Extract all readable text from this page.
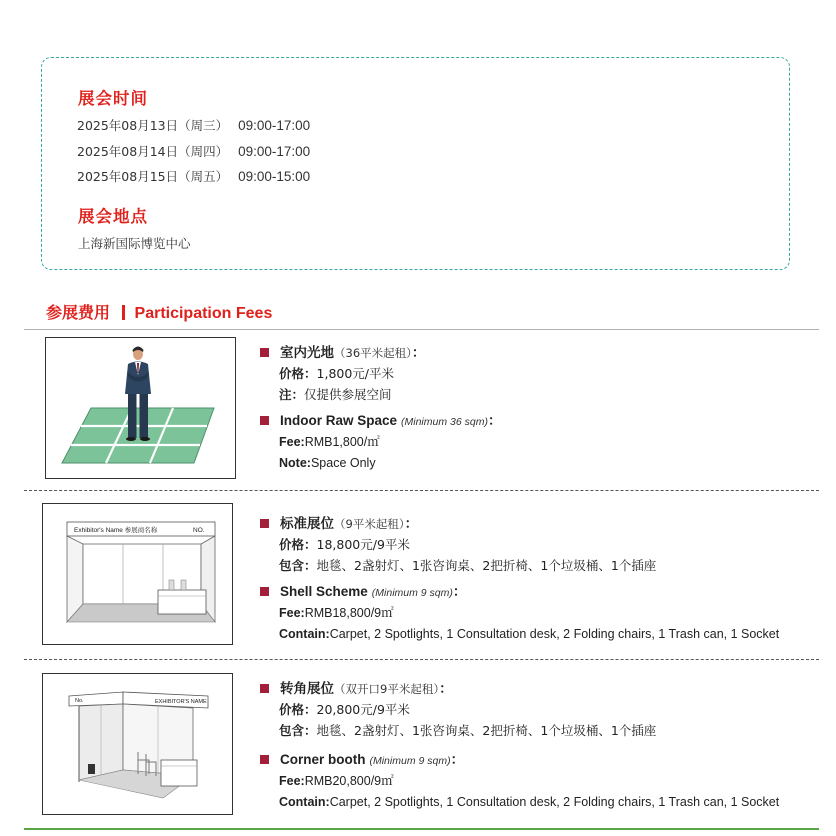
展会时间
2025年08月13日（周三） 09:00-17:00
2025年08月14日（周四） 09:00-17:00
2025年08月15日（周五） 09:00-15:00
展会地点
上海新国际博览中心
参展费用 Participation Fees
室内光地（36平米起租）：
价格：1,800元/平米
注：仅提供参展空间
Indoor Raw Space (Minimum 36 sqm)：
Fee:RMB1,800/㎡
Note:Space Only
Exhibitor's Name 参展商名称	NO.	标准展位（9平米起租）：
价格：18,800元/9平米
包含：地毯、2盏射灯、1张咨询桌、2把折椅、1个垃圾桶、1个插座
Shell Scheme (Minimum 9 sqm)：
Fee:RMB18,800/9㎡
Contain:Carpet, 2 Spotlights, 1 Consultation desk, 2 Folding chairs, 1 Trash can, 1 Socket
No.	EXHIBITOR'S NAME
转角展位（双开口9平米起租）：
价格：20,800元/9平米
包含：地毯、2盏射灯、1张咨询桌、2把折椅、1个垃圾桶、1个插座
Corner booth (Minimum 9 sqm)：
Fee:RMB20,800/9㎡
Contain:Carpet, 2 Spotlights, 1 Consultation desk, 2 Folding chairs, 1 Trash can, 1 Socket
